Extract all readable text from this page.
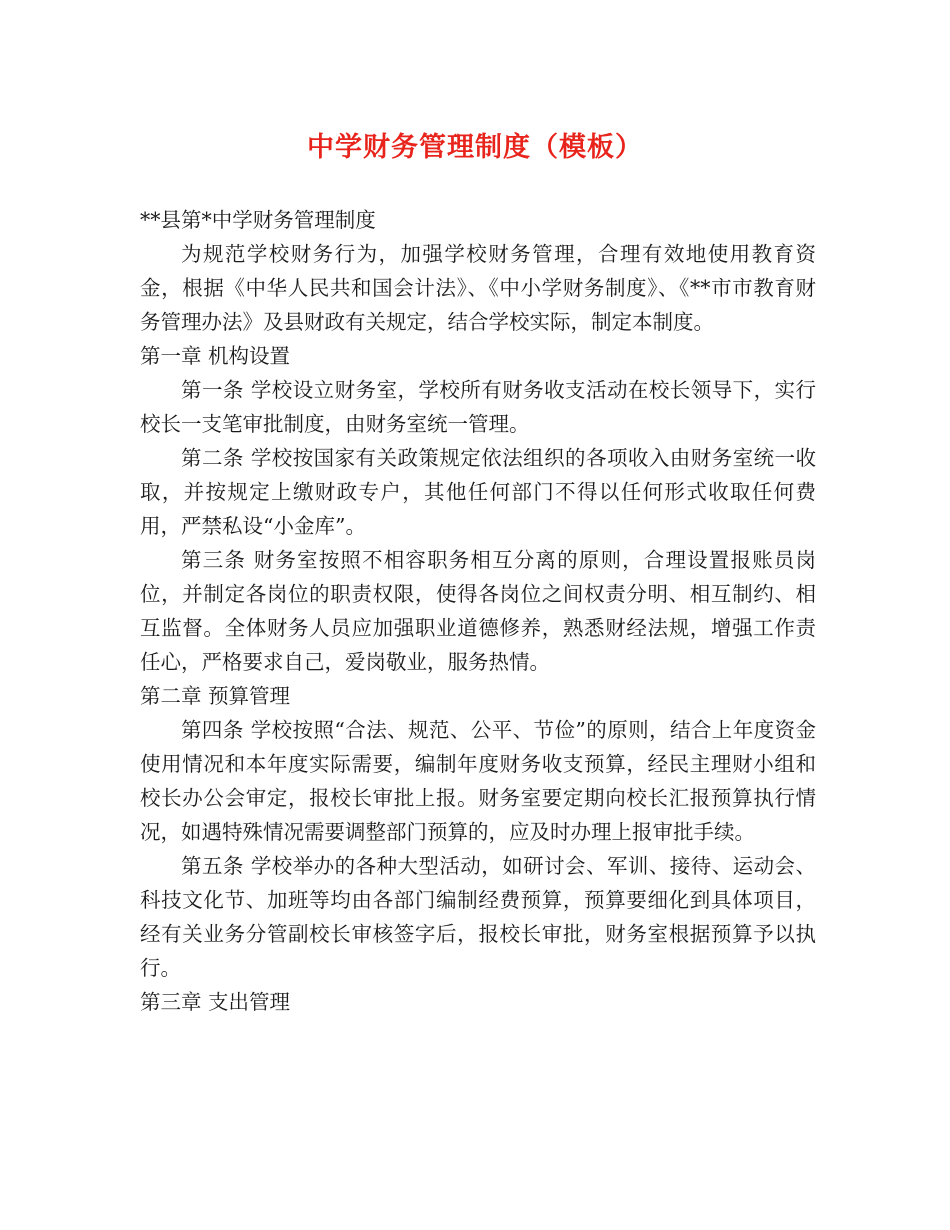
中学财务管理制度（模板）

**县第*中学财务管理制度

为规范学校财务行为，加强学校财务管理，合理有效地使用教育资金，根据《中华人民共和国会计法》、《中小学财务制度》、《**市市教育财务管理办法》及县财政有关规定，结合学校实际，制定本制度。

第一章 机构设置

第一条 学校设立财务室，学校所有财务收支活动在校长领导下，实行校长一支笔审批制度，由财务室统一管理。

第二条 学校按国家有关政策规定依法组织的各项收入由财务室统一收取，并按规定上缴财政专户，其他任何部门不得以任何形式收取任何费用，严禁私设“小金库”。

第三条 财务室按照不相容职务相互分离的原则，合理设置报账员岗位，并制定各岗位的职责权限，使得各岗位之间权责分明、相互制约、相互监督。全体财务人员应加强职业道德修养，熟悉财经法规，增强工作责任心，严格要求自己，爱岗敬业，服务热情。

第二章 预算管理

第四条 学校按照“合法、规范、公平、节俭”的原则，结合上年度资金使用情况和本年度实际需要，编制年度财务收支预算，经民主理财小组和校长办公会审定，报校长审批上报。财务室要定期向校长汇报预算执行情况，如遇特殊情况需要调整部门预算的，应及时办理上报审批手续。

第五条 学校举办的各种大型活动，如研讨会、军训、接待、运动会、科技文化节、加班等均由各部门编制经费预算，预算要细化到具体项目，经有关业务分管副校长审核签字后，报校长审批，财务室根据预算予以执行。

第三章 支出管理
